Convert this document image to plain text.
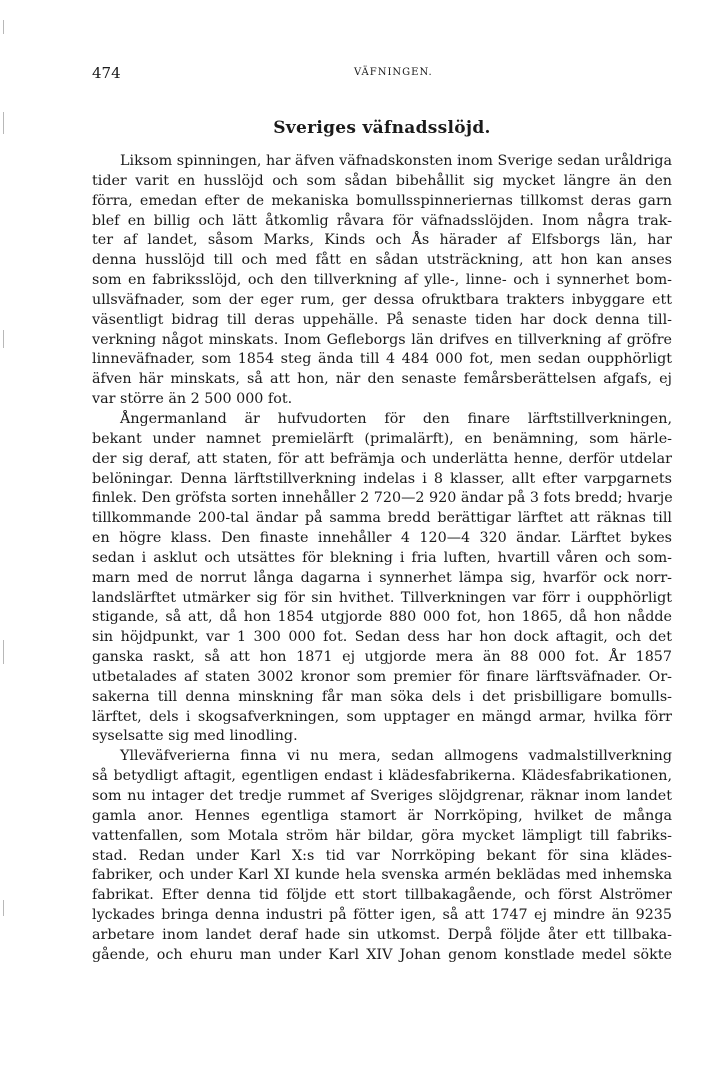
474	VÄFNINGEN.
Sveriges väfnadsslöjd.
Liksom spinningen, har äfven väfnadskonsten inom Sverige sedan uråldriga
tider varit en husslöjd och som sådan bibehållit sig mycket längre än den
förra, emedan efter de mekaniska bomullsspinneriernas tillkomst deras garn
blef en billig och lätt åtkomlig råvara för väfnadsslöjden. Inom några trak-
ter af landet, såsom Marks, Kinds och Ås härader af Elfsborgs län, har
denna husslöjd till och med fått en sådan utsträckning, att hon kan anses
som en fabriksslöjd, och den tillverkning af ylle-, linne- och i synnerhet bom-
ullsväfnader, som der eger rum, ger dessa ofruktbara trakters inbyggare ett
väsentligt bidrag till deras uppehälle. På senaste tiden har dock denna till-
verkning något minskats. Inom Gefleborgs län drifves en tillverkning af gröfre
linneväfnader, som 1854 steg ända till 4 484 000 fot, men sedan oupphörligt
äfven här minskats, så att hon, när den senaste femårsberättelsen afgafs, ej
var större än 2 500 000 fot.
Ångermanland är hufvudorten för den finare lärftstillverkningen,
bekant under namnet premielärft (primalärft), en benämning, som härle-
der sig deraf, att staten, för att befrämja och underlätta henne, derför utdelar
belöningar. Denna lärftstillverkning indelas i 8 klasser, allt efter varpgarnets
finlek. Den gröfsta sorten innehåller 2 720—2 920 ändar på 3 fots bredd; hvarje
tillkommande 200-tal ändar på samma bredd berättigar lärftet att räknas till
en högre klass. Den finaste innehåller 4 120—4 320 ändar. Lärftet bykes
sedan i asklut och utsättes för blekning i fria luften, hvartill våren och som-
marn med de norrut långa dagarna i synnerhet lämpa sig, hvarför ock norr-
landslärftet utmärker sig för sin hvithet. Tillverkningen var förr i oupphörligt
stigande, så att, då hon 1854 utgjorde 880 000 fot, hon 1865, då hon nådde
sin höjdpunkt, var 1 300 000 fot. Sedan dess har hon dock aftagit, och det
ganska raskt, så att hon 1871 ej utgjorde mera än 88 000 fot. År 1857
utbetalades af staten 3002 kronor som premier för finare lärftsväfnader. Or-
sakerna till denna minskning får man söka dels i det prisbilligare bomulls-
lärftet, dels i skogsafverkningen, som upptager en mängd armar, hvilka förr
syselsatte sig med linodling.
Ylleväfverierna finna vi nu mera, sedan allmogens vadmalstillverkning
så betydligt aftagit, egentligen endast i klädesfabrikerna. Klädesfabrikationen,
som nu intager det tredje rummet af Sveriges slöjdgrenar, räknar inom landet
gamla anor. Hennes egentliga stamort är Norrköping, hvilket de många
vattenfallen, som Motala ström här bildar, göra mycket lämpligt till fabriks-
stad. Redan under Karl X:s tid var Norrköping bekant för sina klädes-
fabriker, och under Karl XI kunde hela svenska armén beklädas med inhemska
fabrikat. Efter denna tid följde ett stort tillbakagående, och först Alströmer
lyckades bringa denna industri på fötter igen, så att 1747 ej mindre än 9235
arbetare inom landet deraf hade sin utkomst. Derpå följde åter ett tillbaka-
gående, och ehuru man under Karl XIV Johan genom konstlade medel sökte
